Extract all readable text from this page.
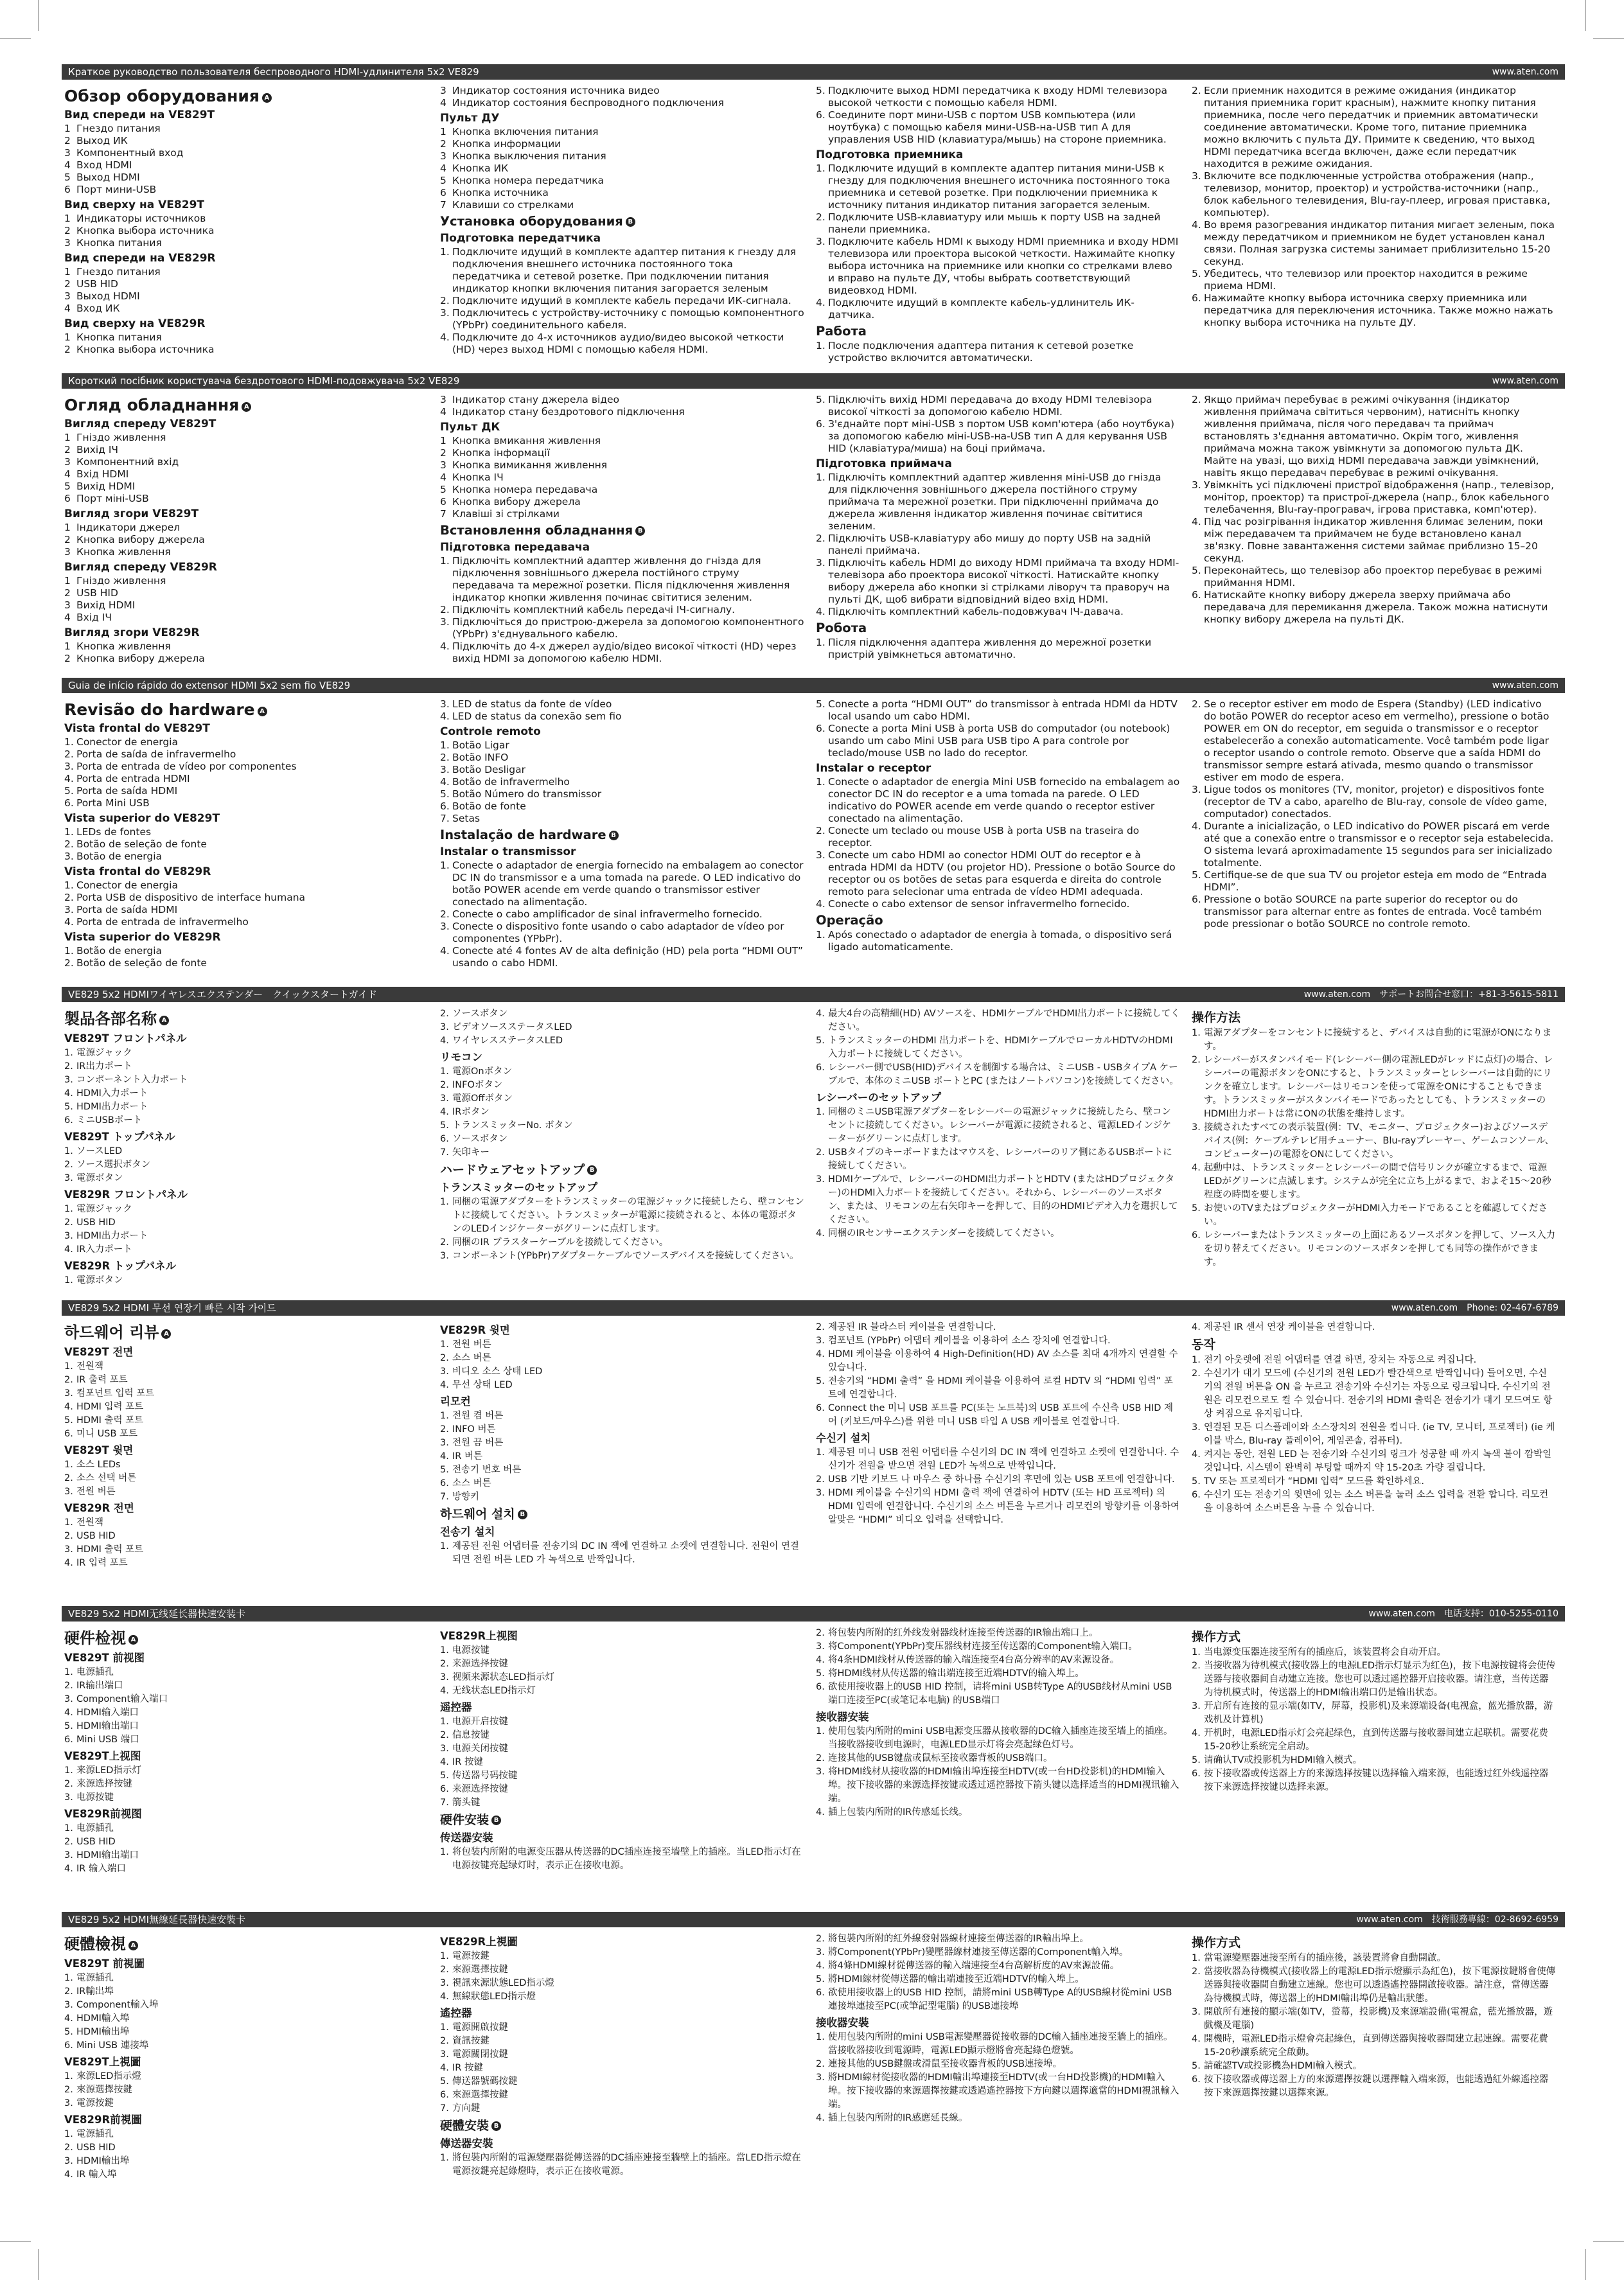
Краткое руководство пользователя беспроводного HDMI-удлинителя 5x2 VE829	www.aten.com
Обзор оборудования A
Вид спереди на VE829T
1 Гнездо питания
2 Выход ИК
3 Компонентный вход
4 Вход HDMI
5 Выход HDMI
6 Порт мини-USB
Вид сверху на VE829T
1 Индикаторы источников
2 Кнопка выбора источника
3 Кнопка питания
Вид спереди на VE829R
1 Гнездо питания
2 USB HID
3 Выход HDMI
4 Вход ИК
Вид сверху на VE829R
1 Кнопка питания
2 Кнопка выбора источника
3 Индикатор состояния источника видео
4 Индикатор состояния беспроводного подключения
Пульт ДУ
1 Кнопка включения питания
2 Кнопка информации
3 Кнопка выключения питания
4 Кнопка ИК
5 Кнопка номера передатчика
6 Кнопка источника
7 Клавиши со стрелками
Установка оборудования B
Подготовка передатчика
1. Подключите идущий в комплекте адаптер питания к гнезду для подключения внешнего источника постоянного тока передатчика и сетевой розетке. При подключении питания индикатор кнопки включения питания загорается зеленым
2. Подключите идущий в комплекте кабель передачи ИК-сигнала.
3. Подключитесь с устройству-источнику с помощью компонентного (YPbPr) соединительного кабеля.
4. Подключите до 4-х источников аудио/видео высокой четкости (HD) через выход HDMI с помощью кабеля HDMI.
5. Подключите выход HDMI передатчика к входу HDMI телевизора высокой четкости с помощью кабеля HDMI.
6. Соедините порт мини-USB с портом USB компьютера (или ноутбука) с помощью кабеля мини-USB-на-USB тип A для управления USB HID (клавиатура/мышь) на стороне приемника.
Подготовка приемника
1. Подключите идущий в комплекте адаптер питания мини-USB к гнезду для подключения внешнего источника постоянного тока приемника и сетевой розетке. При подключении приемника к источнику питания индикатор питания загорается зеленым.
2. Подключите USB-клавиатуру или мышь к порту USB на задней панели приемника.
3. Подключите кабель HDMI к выходу HDMI приемника и входу HDMI телевизора или проектора высокой четкости. Нажимайте кнопку выбора источника на приемнике или кнопки со стрелками влево и вправо на пульте ДУ, чтобы выбрать соответствующий видеовход HDMI.
4. Подключите идущий в комплекте кабель-удлинитель ИК-датчика.
Работа
1. После подключения адаптера питания к сетевой розетке устройство включится автоматически.
2. Если приемник находится в режиме ожидания (индикатор питания приемника горит красным), нажмите кнопку питания приемника, после чего передатчик и приемник автоматически соединение автоматически. Кроме того, питание приемника можно включить с пульта ДУ. Примите к сведению, что выход HDMI передатчика всегда включен, даже если передатчик находится в режиме ожидания.
3. Включите все подключенные устройства отображения (напр., телевизор, монитор, проектор) и устройства-источники (напр., блок кабельного телевидения, Blu-ray-плеер, игровая приставка, компьютер).
4. Во время разогревания индикатор питания мигает зеленым, пока между передатчиком и приемником не будет установлен канал связи. Полная загрузка системы занимает приблизительно 15-20 секунд.
5. Убедитесь, что телевизор или проектор находится в режиме приема HDMI.
6. Нажимайте кнопку выбора источника сверху приемника или передатчика для переключения источника. Также можно нажать кнопку выбора источника на пульте ДУ.
Короткий посібник користувача бездротового HDMI-подовжувача 5x2 VE829	www.aten.com
Огляд обладнання A
Вигляд спереду VE829T
1 Гніздо живлення
2 Вихід ІЧ
3 Компонентний вхід
4 Вхід HDMI
5 Вихід HDMI
6 Порт міні-USB
Вигляд згори VE829T
1 Індикатори джерел
2 Кнопка вибору джерела
3 Кнопка живлення
Вигляд спереду VE829R
1 Гніздо живлення
2 USB HID
3 Вихід HDMI
4 Вхід ІЧ
Вигляд згори VE829R
1 Кнопка живлення
2 Кнопка вибору джерела
3 Індикатор стану джерела відео
4 Індикатор стану бездротового підключення
Пульт ДК
1 Кнопка вмикання живлення
2 Кнопка інформації
3 Кнопка вимикання живлення
4 Кнопка ІЧ
5 Кнопка номера передавача
6 Кнопка вибору джерела
7 Клавіші зі стрілками
Встановлення обладнання B
Підготовка передавача
1. Підключіть комплектний адаптер живлення до гнізда для підключення зовнішнього джерела постійного струму передавача та мережної розетки. Після підключення живлення індикатор кнопки живлення починає світитися зеленим.
2. Підключіть комплектний кабель передачі ІЧ-сигналу.
3. Підключіться до пристрою-джерела за допомогою компонентного (YPbPr) з'єднувального кабелю.
4. Підключіть до 4-х джерел аудіо/відео високої чіткості (HD) через вихід HDMI за допомогою кабелю HDMI.
5. Підключіть вихід HDMI передавача до входу HDMI телевізора високої чіткості за допомогою кабелю HDMI.
6. З'єднайте порт міні-USB з портом USB комп'ютера (або ноутбука) за допомогою кабелю міні-USB-на-USB тип A для керування USB HID (клавіатура/миша) на боці приймача.
Підготовка приймача
1. Підключіть комплектний адаптер живлення міні-USB до гнізда для підключення зовнішнього джерела постійного струму приймача та мережної розетки. При підключенні приймача до джерела живлення індикатор живлення починає світитися зеленим.
2. Підключіть USB-клавіатуру або мишу до порту USB на задній панелі приймача.
3. Підключіть кабель HDMI до виходу HDMI приймача та входу HDMI-телевізора або проектора високої чіткості. Натискайте кнопку вибору джерела або кнопки зі стрілками ліворуч та праворуч на пульті ДК, щоб вибрати відповідний відео вхід HDMI.
4. Підключіть комплектний кабель-подовжувач ІЧ-давача.
Робота
1. Після підключення адаптера живлення до мережної розетки пристрій увімкнеться автоматично.
2. Якщо приймач перебуває в режимі очікування (індикатор живлення приймача світиться червоним), натисніть кнопку живлення приймача, після чого передавач та приймач встановлять з'єднання автоматично. Окрім того, живлення приймача можна також увімкнути за допомогою пульта ДК. Майте на увазі, що вихід HDMI передавача завжди увімкнений, навіть якщо передавач перебуває в режимі очікування.
3. Увімкніть усі підключені пристрої відображення (напр., телевізор, монітор, проектор) та пристрої-джерела (напр., блок кабельного телебачення, Blu-ray-програвач, ігрова приставка, комп'ютер).
4. Під час розігрівання індикатор живлення блимає зеленим, поки між передавачем та приймачем не буде встановлено канал зв'язку. Повне завантаження системи займає приблизно 15–20 секунд.
5. Переконайтесь, що телевізор або проектор перебуває в режимі приймання HDMI.
6. Натискайте кнопку вибору джерела зверху приймача або передавача для перемикання джерела. Також можна натиснути кнопку вибору джерела на пульті ДК.
Guia de início rápido do extensor HDMI 5x2 sem fio VE829	www.aten.com
Revisão do hardware A
Vista frontal do VE829T
1. Conector de energia
2. Porta de saída de infravermelho
3. Porta de entrada de vídeo por componentes
4. Porta de entrada HDMI
5. Porta de saída HDMI
6. Porta Mini USB
Vista superior do VE829T
1. LEDs de fontes
2. Botão de seleção de fonte
3. Botão de energia
Vista frontal do VE829R
1. Conector de energia
2. Porta USB de dispositivo de interface humana
3. Porta de saída HDMI
4. Porta de entrada de infravermelho
Vista superior do VE829R
1. Botão de energia
2. Botão de seleção de fonte
3. LED de status da fonte de vídeo
4. LED de status da conexão sem fio
Controle remoto
1. Botão Ligar
2. Botão INFO
3. Botão Desligar
4. Botão de infravermelho
5. Botão Número do transmissor
6. Botão de fonte
7. Setas
Instalação de hardware B
Instalar o transmissor
1. Conecte o adaptador de energia fornecido na embalagem ao conector DC IN do transmissor e a uma tomada na parede. O LED indicativo do botão POWER acende em verde quando o transmissor estiver conectado na alimentação.
2. Conecte o cabo amplificador de sinal infravermelho fornecido.
3. Conecte o dispositivo fonte usando o cabo adaptador de vídeo por componentes (YPbPr).
4. Conecte até 4 fontes AV de alta definição (HD) pela porta “HDMI OUT” usando o cabo HDMI.
5. Conecte a porta “HDMI OUT” do transmissor à entrada HDMI da HDTV local usando um cabo HDMI.
6. Conecte a porta Mini USB à porta USB do computador (ou notebook) usando um cabo Mini USB para USB tipo A para controle por teclado/mouse USB no lado do receptor.
Instalar o receptor
1. Conecte o adaptador de energia Mini USB fornecido na embalagem ao conector DC IN do receptor e a uma tomada na parede. O LED indicativo do POWER acende em verde quando o receptor estiver conectado na alimentação.
2. Conecte um teclado ou mouse USB à porta USB na traseira do receptor.
3. Conecte um cabo HDMI ao conector HDMI OUT do receptor e à entrada HDMI da HDTV (ou projetor HD). Pressione o botão Source do receptor ou os botões de setas para esquerda e direita do controle remoto para selecionar uma entrada de vídeo HDMI adequada.
4. Conecte o cabo extensor de sensor infravermelho fornecido.
Operação
1. Após conectado o adaptador de energia à tomada, o dispositivo será ligado automaticamente.
2. Se o receptor estiver em modo de Espera (Standby) (LED indicativo do botão POWER do receptor aceso em vermelho), pressione o botão POWER em ON do receptor, em seguida o transmissor e o receptor estabelecerão a conexão automaticamente. Você também pode ligar o receptor usando o controle remoto. Observe que a saída HDMI do transmissor sempre estará ativada, mesmo quando o transmissor estiver em modo de espera.
3. Ligue todos os monitores (TV, monitor, projetor) e dispositivos fonte (receptor de TV a cabo, aparelho de Blu-ray, console de vídeo game, computador) conectados.
4. Durante a inicialização, o LED indicativo do POWER piscará em verde até que a conexão entre o transmissor e o receptor seja estabelecida. O sistema levará aproximadamente 15 segundos para ser inicializado totalmente.
5. Certifique-se de que sua TV ou projetor esteja em modo de “Entrada HDMI”.
6. Pressione o botão SOURCE na parte superior do receptor ou do transmissor para alternar entre as fontes de entrada. Você também pode pressionar o botão SOURCE no controle remoto.
VE829 5x2 HDMIワイヤレスエクステンダー　クイックスタートガイド	www.aten.com　サポートお問合せ窓口：+81-3-5615-5811
製品各部名称 A
VE829T フロントパネル
1. 電源ジャック
2. IR出力ポート
3. コンポーネント入力ポート
4. HDMI入力ポート
5. HDMI出力ポート
6. ミニUSBポート
VE829T トップパネル
1. ソースLED
2. ソース選択ボタン
3. 電源ボタン
VE829R フロントパネル
1. 電源ジャック
2. USB HID
3. HDMI出力ポート
4. IR入力ポート
VE829R トップパネル
1. 電源ボタン
2. ソースボタン
3. ビデオソースステータスLED
4. ワイヤレスステータスLED
リモコン
1. 電源Onボタン
2. INFOボタン
3. 電源Offボタン
4. IRボタン
5. トランスミッターNo. ボタン
6. ソースボタン
7. 矢印キー
ハードウェアセットアップ B
トランスミッターのセットアップ
1. 同梱の電源アダプターをトランスミッターの電源ジャックに接続したら、壁コンセントに接続してください。トランスミッターが電源に接続されると、本体の電源ボタンのLEDインジケーターがグリーンに点灯します。
2. 同梱のIR ブラスターケーブルを接続してください。
3. コンポーネント(YPbPr)アダプターケーブルでソースデバイスを接続してください。
4. 最大4台の高精細(HD) AVソースを、HDMIケーブルでHDMI出力ポートに接続してください。
5. トランスミッターのHDMI 出力ポートを、HDMIケーブルでローカルHDTVのHDMI入力ポートに接続してください。
6. レシーバー側でUSB(HID)デバイスを制御する場合は、ミニUSB - USBタイプA ケーブルで、本体のミニUSB ポートとPC (またはノートパソコン)を接続してください。
レシーバーのセットアップ
1. 同梱のミニUSB電源アダプターをレシーバーの電源ジャックに接続したら、壁コンセントに接続してください。レシーバーが電源に接続されると、電源LEDインジケーターがグリーンに点灯します。
2. USBタイプのキーボードまたはマウスを、レシーバーのリア側にあるUSBポートに接続してください。
3. HDMIケーブルで、レシーバーのHDMI出力ポートとHDTV (またはHDプロジェクター)のHDMI入力ポートを接続してください。それから、レシーバーのソースボタン、または、リモコンの左右矢印キーを押して、目的のHDMIビデオ入力を選択してください。
4. 同梱のIRセンサーエクステンダーを接続してください。
操作方法
1. 電源アダプターをコンセントに接続すると、デバイスは自動的に電源がONになります。
2. レシーバーがスタンバイモード(レシーバー側の電源LEDがレッドに点灯)の場合、レシーバーの電源ボタンをONにすると、トランスミッターとレシーバーは自動的にリンクを確立します。レシーバーはリモコンを使って電源をONにすることもできます。トランスミッターがスタンバイモードであったとしても、トランスミッターのHDMI出力ポートは常にONの状態を維持します。
3. 接続されたすべての表示装置(例：TV、モニター、プロジェクター)およびソースデバイス(例：ケーブルテレビ用チューナー、Blu-rayプレーヤー、ゲームコンソール、コンピューター)の電源をONにしてください。
4. 起動中は、トランスミッターとレシーバーの間で信号リンクが確立するまで、電源LEDがグリーンに点滅します。システムが完全に立ち上がるまで、およそ15～20秒程度の時間を要します。
5. お使いのTVまたはプロジェクターがHDMI入力モードであることを確認してください。
6. レシーバーまたはトランスミッターの上面にあるソースボタンを押して、ソース入力を切り替えてください。リモコンのソースボタンを押しても同等の操作ができます。
VE829 5x2 HDMI 무선 연장기 빠른 시작 가이드	www.aten.com　Phone: 02-467-6789
하드웨어 리뷰 A
VE829T 전면
1. 전원잭
2. IR 출력 포트
3. 컴포넌트 입력 포트
4. HDMI 입력 포트
5. HDMI 출력 포트
6. 미니 USB 포트
VE829T 윗면
1. 소스 LEDs
2. 소스 선택 버튼
3. 전원 버튼
VE829R 전면
1. 전원잭
2. USB HID
3. HDMI 출력 포트
4. IR 입력 포트
VE829R 윗면
1. 전원 버튼
2. 소스 버튼
3. 비디오 소스 상태 LED
4. 무선 상태 LED
리모컨
1. 전원 켬 버튼
2. INFO 버튼
3. 전원 끔 버튼
4. IR 버튼
5. 전송기 번호 버튼
6. 소스 버튼
7. 방향키
하드웨어 설치 B
전송기 설치
1. 제공된 전원 어댑터를 전송기의 DC IN 잭에 연결하고 소켓에 연결합니다. 전원이 연결되면 전원 버튼 LED 가 녹색으로 반짝입니다.
2. 제공된 IR 블라스터 케이블을 연결합니다.
3. 컴포넌트 (YPbPr) 어댑터 케이블을 이용하여 소스 장치에 연결합니다.
4. HDMI 케이블을 이용하여 4 High-Definition(HD) AV 소스를 최대 4개까지 연결할 수 있습니다.
5. 전송기의 “HDMI 출력” 을 HDMI 케이블을 이용하여 로컬 HDTV 의 “HDMI 입력” 포트에 연결합니다.
6. Connect the 미니 USB 포트를 PC(또는 노트북)의 USB 포트에 수신측 USB HID 제어 (키보드/마우스)를 위한 미니 USB 타입 A USB 케이블로 연결합니다.
수신기 설치
1. 제공된 미니 USB 전원 어댑터를 수신기의 DC IN 잭에 연결하고 소켓에 연결합니다. 수신기가 전원을 받으면 전원 LED가 녹색으로 반짝입니다.
2. USB 기반 키보드 나 마우스 중 하나를 수신기의 후면에 있는 USB 포트에 연결합니다.
3. HDMI 케이블을 수신기의 HDMI 출력 잭에 연결하여 HDTV (또는 HD 프로젝터) 의 HDMI 입력에 연결합니다. 수신기의 소스 버튼을 누르거나 리모컨의 방향키를 이용하여 알맞은 “HDMI” 비디오 입력을 선택합니다.
4. 제공된 IR 센서 연장 케이블을 연결합니다.
동작
1. 전기 아웃렛에 전원 어댑터를 연결 하면, 장치는 자동으로 켜집니다.
2. 수신기가 대기 모드에 (수신기의 전원 LED가 빨간색으로 반짝입니다) 들어오면, 수신기의 전원 버튼을 ON 을 누르고 전송기와 수신기는 자동으로 링크됩니다. 수신기의 전원은 리모컨으로도 켤 수 있습니다. 전송기의 HDMI 출력은 전송기가 대기 모드여도 항상 켜짐으로 유지됩니다.
3. 연결된 모든 디스플레이와 소스장치의 전원을 켭니다. (ie TV, 모니터, 프로젝터) (ie 케이블 박스, Blu-ray 플레이어, 게임콘솔, 컴퓨터).
4. 켜지는 동안, 전원 LED 는 전송기와 수신기의 링크가 성공할 때 까지 녹색 불이 깜박일 것입니다. 시스템이 완벽히 부팅할 때까지 약 15-20초 가량 걸립니다.
5. TV 또는 프로젝터가 “HDMI 입력” 모드를 확인하세요.
6. 수신기 또는 전송기의 윗면에 있는 소스 버튼을 눌러 소스 입력을 전환 합니다. 리모컨을 이용하여 소스버튼을 누를 수 있습니다.
VE829 5x2 HDMI无线延长器快速安装卡	www.aten.com　电话支持：010-5255-0110
硬件检视 A
VE829T 前视图
1. 电源插孔
2. IR输出端口
3. Component输入端口
4. HDMI输入端口
5. HDMI输出端口
6. Mini USB 端口
VE829T上视图
1. 来源LED指示灯
2. 来源选择按键
3. 电源按键
VE829R前视图
1. 电源插孔
2. USB HID
3. HDMI输出端口
4. IR 输入端口
VE829R上视图
1. 电源按键
2. 来源选择按键
3. 视频来源状态LED指示灯
4. 无线状态LED指示灯
遥控器
1. 电源开启按键
2. 信息按键
3. 电源关闭按键
4. IR 按键
5. 传送器号码按键
6. 来源选择按键
7. 箭头键
硬件安装 B
传送器安装
1. 将包装内所附的电源变压器从传送器的DC插座连接至墙壁上的插座。当LED指示灯在电源按键亮起绿灯时，表示正在接收电源。
2. 将包装内所附的红外线发射器线材连接至传送器的IR输出端口上。
3. 将Component(YPbPr)变压器线材连接至传送器的Component输入端口。
4. 将4条HDMI线材从传送器的输入端连接至4台高分辨率的AV来源设备。
5. 将HDMI线材从传送器的输出端连接至近端HDTV的输入埠上。
6. 欲使用接收器上的USB HID 控制，请将mini USB转Type A的USB线材从mini USB端口连接至PC(或笔记本电脑) 的USB端口
接收器安装
1. 使用包装内所附的mini USB电源变压器从接收器的DC输入插座连接至墙上的插座。当接收器接收到电源时，电源LED显示灯将会亮起绿色灯号。
2. 连接其他的USB键盘或鼠标至接收器背板的USB端口。
3. 将HDMI线材从接收器的HDMI输出埠连接至HDTV(或一台HD投影机)的HDMI输入埠。按下接收器的来源选择按键或透过遥控器按下箭头键以选择适当的HDMI视讯输入端。
4. 插上包装内所附的IR传感延长线。
操作方式
1. 当电源变压器连接至所有的插座后，该装置将会自动开启。
2. 当接收器为待机模式(接收器上的电源LED指示灯显示为红色)，按下电源按键将会使传送器与接收器间自动建立连接。您也可以透过遥控器开启接收器。请注意，当传送器为待机模式时，传送器上的HDMI输出端口仍是输出状态。
3. 开启所有连接的显示端(如TV，屏幕，投影机)及来源端设备(电视盒，蓝光播放器，游戏机及计算机)
4. 开机时，电源LED指示灯会亮起绿色，直到传送器与接收器间建立起联机。需要花费15-20秒让系统完全启动。
5. 请确认TV或投影机为HDMI输入模式。
6. 按下接收器或传送器上方的来源选择按键以选择输入端来源，也能透过红外线遥控器按下来源选择按键以选择来源。
VE829 5x2 HDMI無線延長器快速安裝卡	www.aten.com　技術服務專線：02-8692-6959
硬體檢視 A
VE829T 前視圖
1. 電源插孔
2. IR輸出埠
3. Component輸入埠
4. HDMI輸入埠
5. HDMI輸出埠
6. Mini USB 連接埠
VE829T上視圖
1. 來源LED指示燈
2. 來源選擇按鍵
3. 電源按鍵
VE829R前視圖
1. 電源插孔
2. USB HID
3. HDMI輸出埠
4. IR 輸入埠
VE829R上視圖
1. 電源按鍵
2. 來源選擇按鍵
3. 視訊來源狀態LED指示燈
4. 無線狀態LED指示燈
遙控器
1. 電源開啟按鍵
2. 資訊按鍵
3. 電源關閉按鍵
4. IR 按鍵
5. 傳送器號碼按鍵
6. 來源選擇按鍵
7. 方向鍵
硬體安裝 B
傳送器安裝
1. 將包裝內所附的電源變壓器從傳送器的DC插座連接至牆壁上的插座。當LED指示燈在電源按鍵亮起綠燈時，表示正在接收電源。
2. 將包裝內所附的紅外線發射器線材連接至傳送器的IR輸出埠上。
3. 將Component(YPbPr)變壓器線材連接至傳送器的Component輸入埠。
4. 將4條HDMI線材從傳送器的輸入端連接至4台高解析度的AV來源設備。
5. 將HDMI線材從傳送器的輸出端連接至近端HDTV的輸入埠上。
6. 欲使用接收器上的USB HID 控制，請將mini USB轉Type A的USB線材從mini USB連接埠連接至PC(或筆記型電腦) 的USB連接埠
接收器安裝
1. 使用包裝內所附的mini USB電源變壓器從接收器的DC輸入插座連接至牆上的插座。當接收器接收到電源時，電源LED顯示燈將會亮起綠色燈號。
2. 連接其他的USB鍵盤或滑鼠至接收器背板的USB連接埠。
3. 將HDMI線材從接收器的HDMI輸出埠連接至HDTV(或一台HD投影機)的HDMI輸入埠。按下接收器的來源選擇按鍵或透過遙控器按下方向鍵以選擇適當的HDMI視訊輸入端。
4. 插上包裝內所附的IR感應延長線。
操作方式
1. 當電源變壓器連接至所有的插座後，該裝置將會自動開啟。
2. 當接收器為待機模式(接收器上的電源LED指示燈顯示為紅色)，按下電源按鍵將會使傳送器與接收器間自動建立連線。您也可以透過遙控器開啟接收器。請注意，當傳送器為待機模式時，傳送器上的HDMI輸出埠仍是輸出狀態。
3. 開啟所有連接的顯示端(如TV，螢幕，投影機)及來源端設備(電視盒，藍光播放器，遊戲機及電腦)
4. 開機時，電源LED指示燈會亮起綠色，直到傳送器與接收器間建立起連線。需要花費15-20秒讓系統完全啟動。
5. 請確認TV或投影機為HDMI輸入模式。
6. 按下接收器或傳送器上方的來源選擇按鍵以選擇輸入端來源，也能透過紅外線遙控器按下來源選擇按鍵以選擇來源。
